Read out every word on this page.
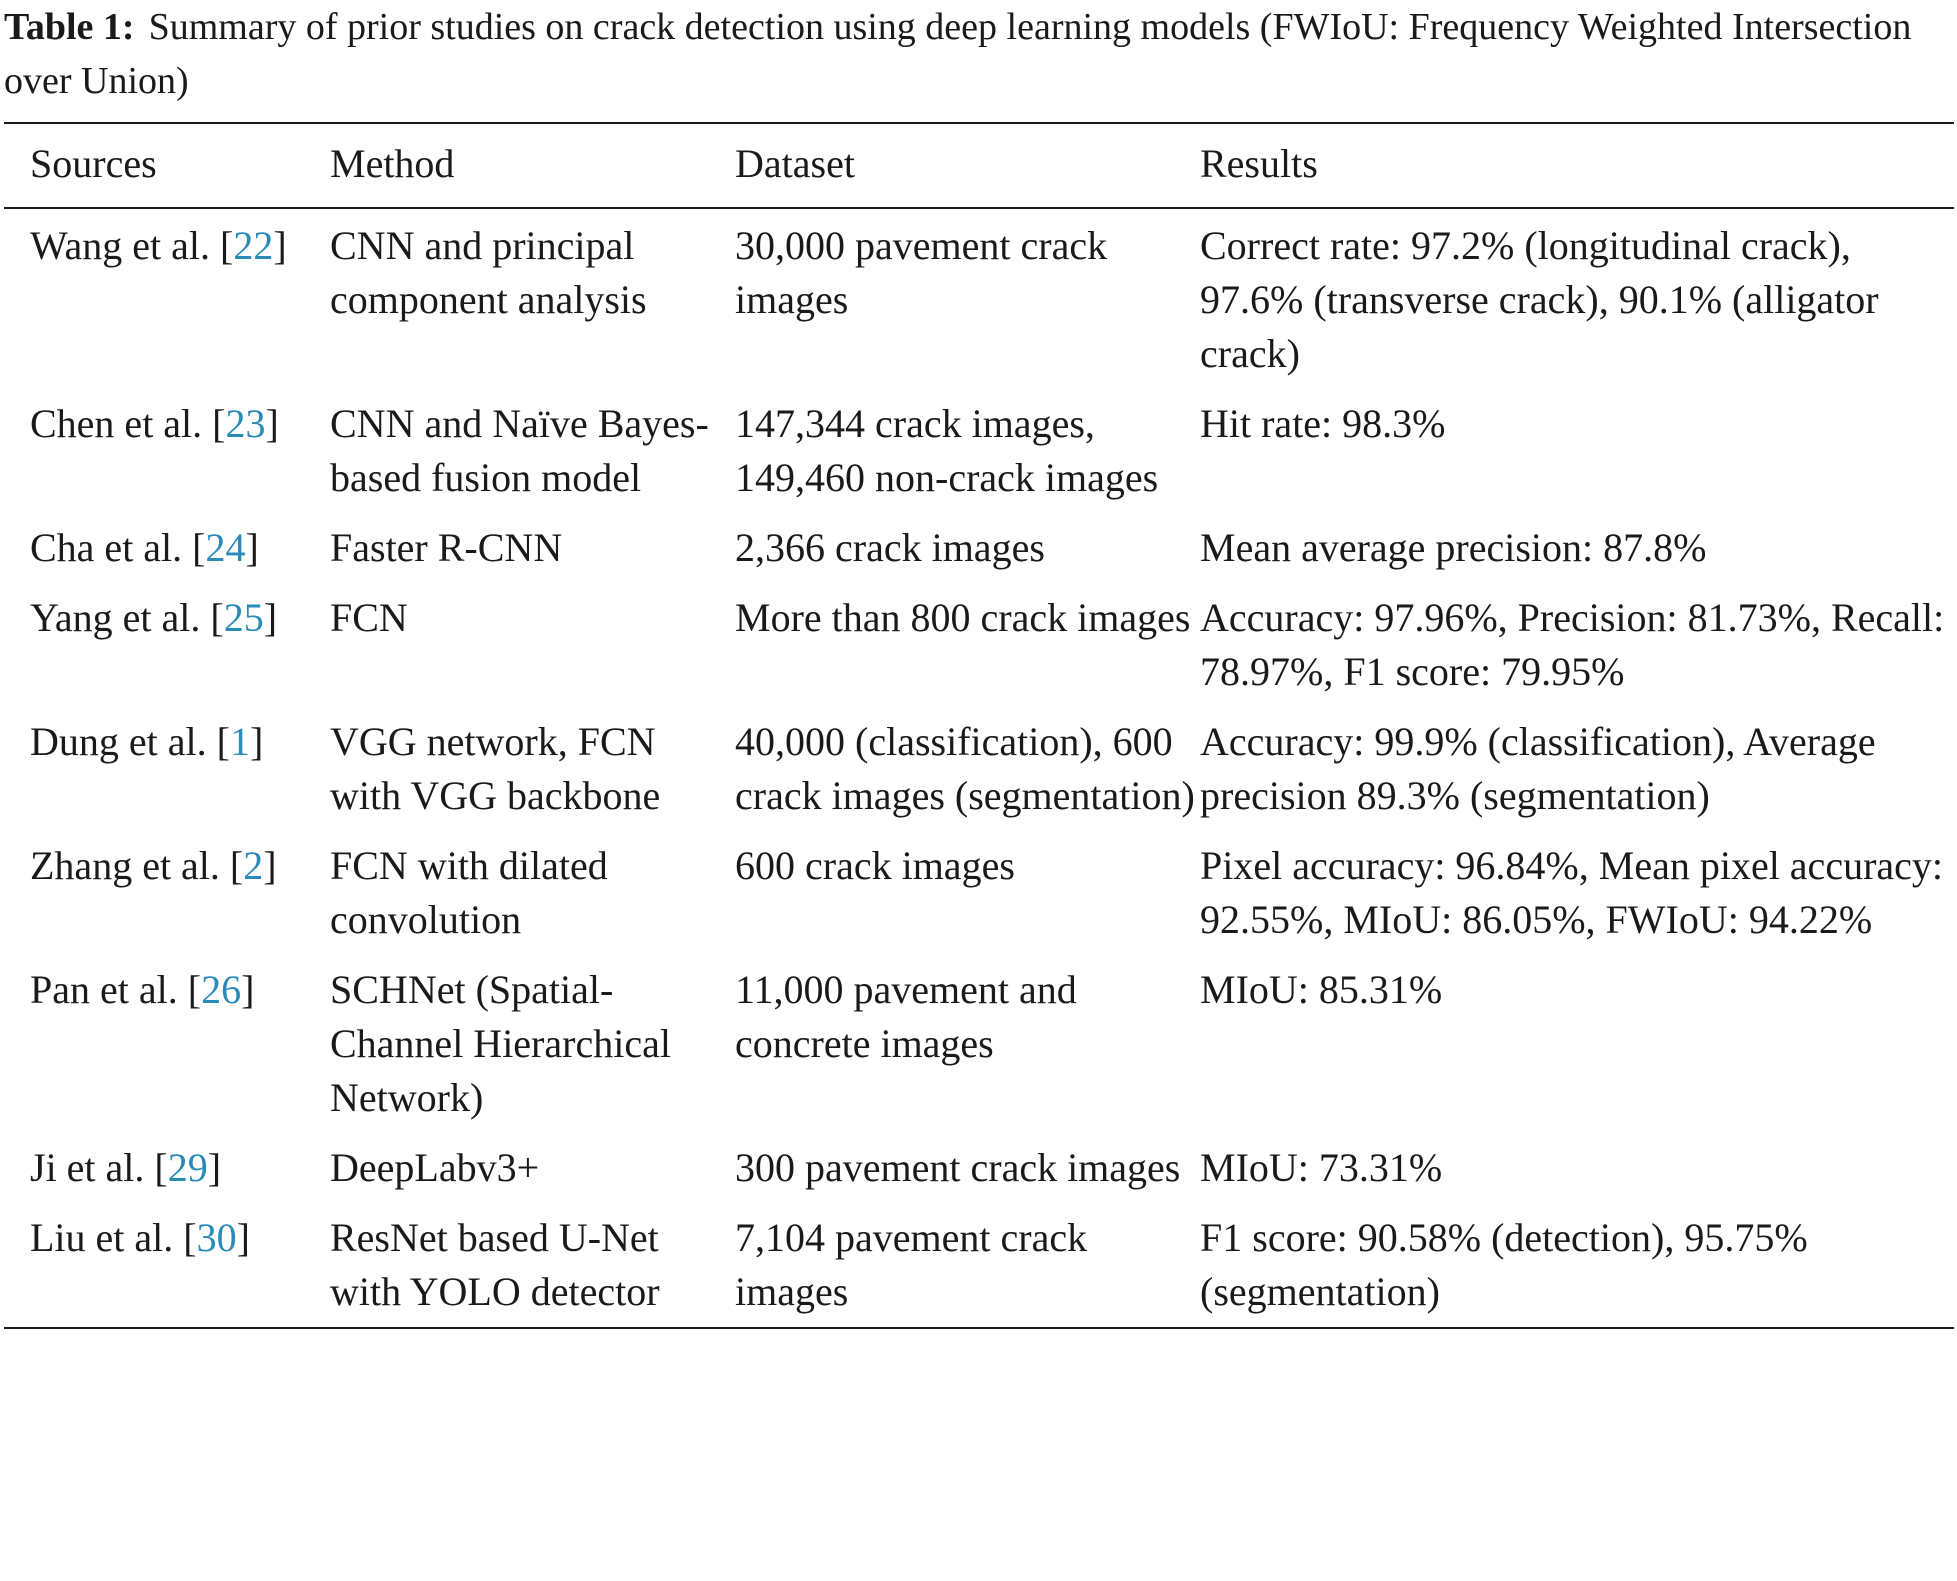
Table 1: Summary of prior studies on crack detection using deep learning models (FWIoU: Frequency Weighted Intersection over Union)

Sources	Method	Dataset	Results
Wang et al. [22]	CNN and principal component analysis	30,000 pavement crack images	Correct rate: 97.2% (longitudinal crack), 97.6% (transverse crack), 90.1% (alligator crack)
Chen et al. [23]	CNN and Naïve Bayes-based fusion model	147,344 crack images, 149,460 non-crack images	Hit rate: 98.3%
Cha et al. [24]	Faster R-CNN	2,366 crack images	Mean average precision: 87.8%
Yang et al. [25]	FCN	More than 800 crack images	Accuracy: 97.96%, Precision: 81.73%, Recall: 78.97%, F1 score: 79.95%
Dung et al. [1]	VGG network, FCN with VGG backbone	40,000 (classification), 600 crack images (segmentation)	Accuracy: 99.9% (classification), Average precision 89.3% (segmentation)
Zhang et al. [2]	FCN with dilated convolution	600 crack images	Pixel accuracy: 96.84%, Mean pixel accuracy: 92.55%, MIoU: 86.05%, FWIoU: 94.22%
Pan et al. [26]	SCHNet (Spatial-Channel Hierarchical Network)	11,000 pavement and concrete images	MIoU: 85.31%
Ji et al. [29]	DeepLabv3+	300 pavement crack images	MIoU: 73.31%
Liu et al. [30]	ResNet based U-Net with YOLO detector	7,104 pavement crack images	F1 score: 90.58% (detection), 95.75% (segmentation)
